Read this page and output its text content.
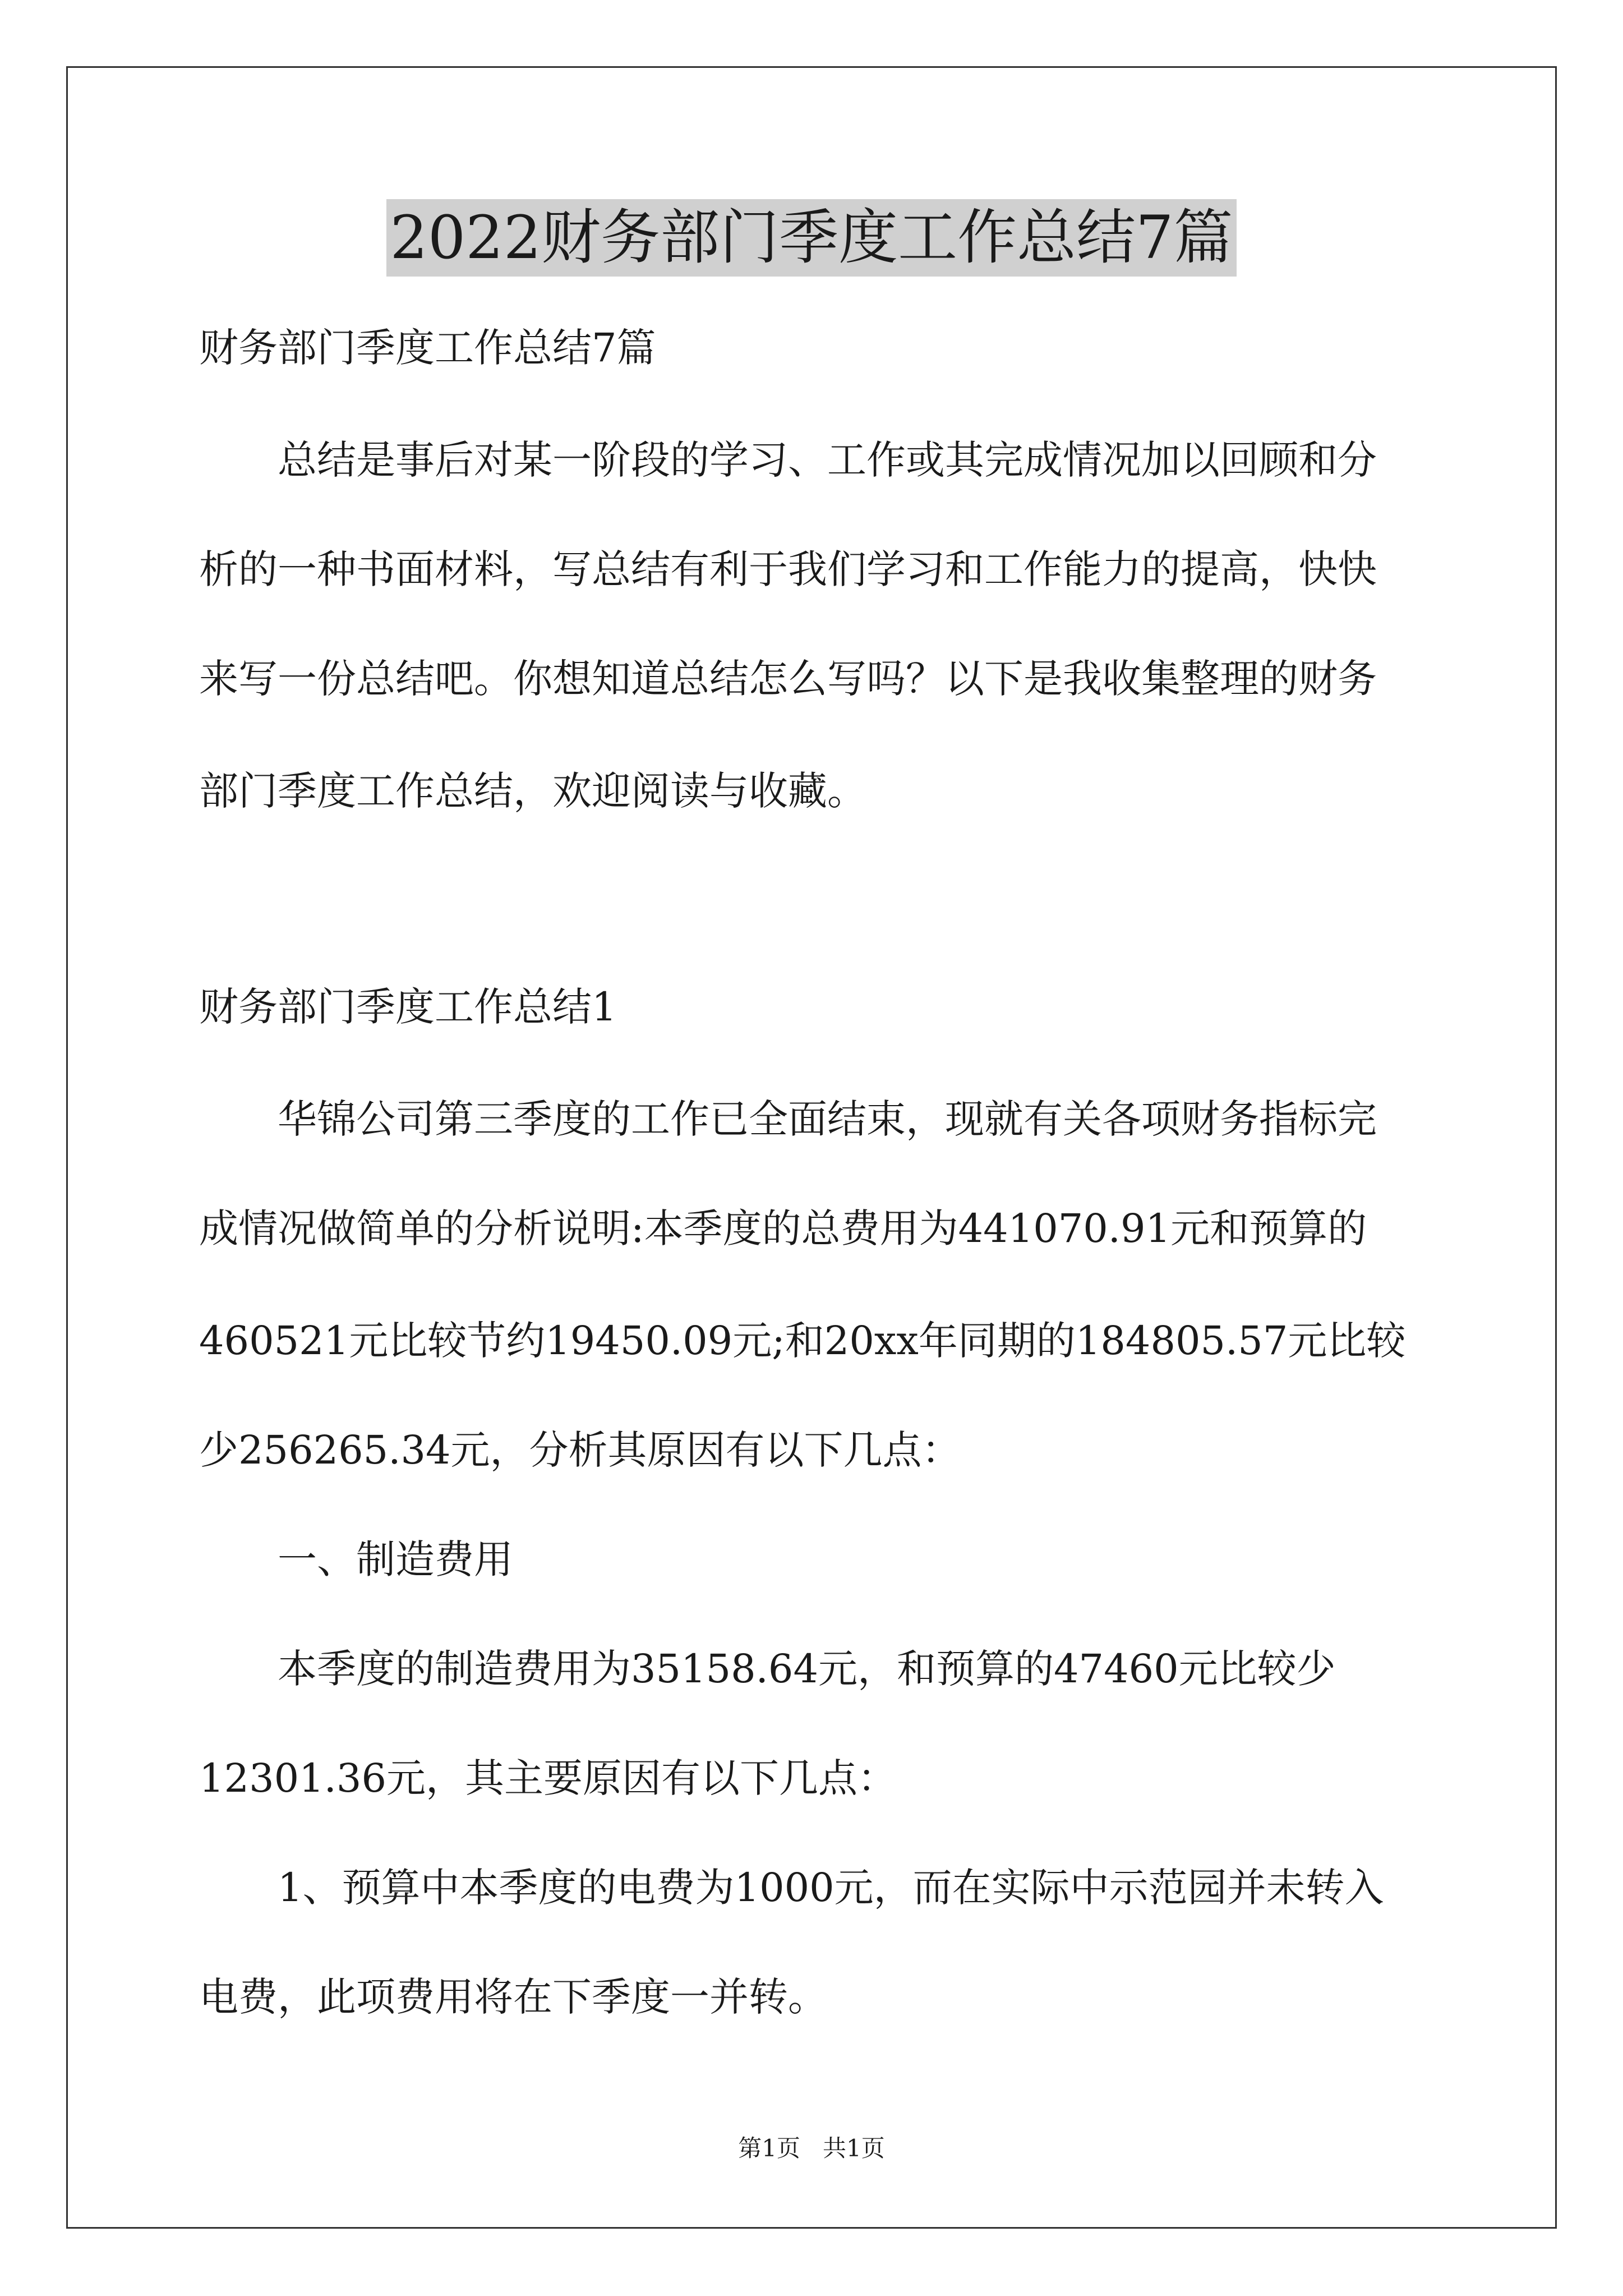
2022财务部门季度工作总结7篇

财务部门季度工作总结7篇

　　总结是事后对某一阶段的学习、工作或其完成情况加以回顾和分

析的一种书面材料，写总结有利于我们学习和工作能力的提高，快快

来写一份总结吧。你想知道总结怎么写吗？以下是我收集整理的财务

部门季度工作总结，欢迎阅读与收藏。

财务部门季度工作总结1

　　华锦公司第三季度的工作已全面结束，现就有关各项财务指标完

成情况做简单的分析说明:本季度的总费用为441070.91元和预算的

460521元比较节约19450.09元;和20xx年同期的184805.57元比较

少256265.34元，分析其原因有以下几点：

　　一、制造费用

　　本季度的制造费用为35158.64元，和预算的47460元比较少

12301.36元，其主要原因有以下几点：

　　1、预算中本季度的电费为1000元，而在实际中示范园并未转入

电费，此项费用将在下季度一并转。

第1页 共1页
